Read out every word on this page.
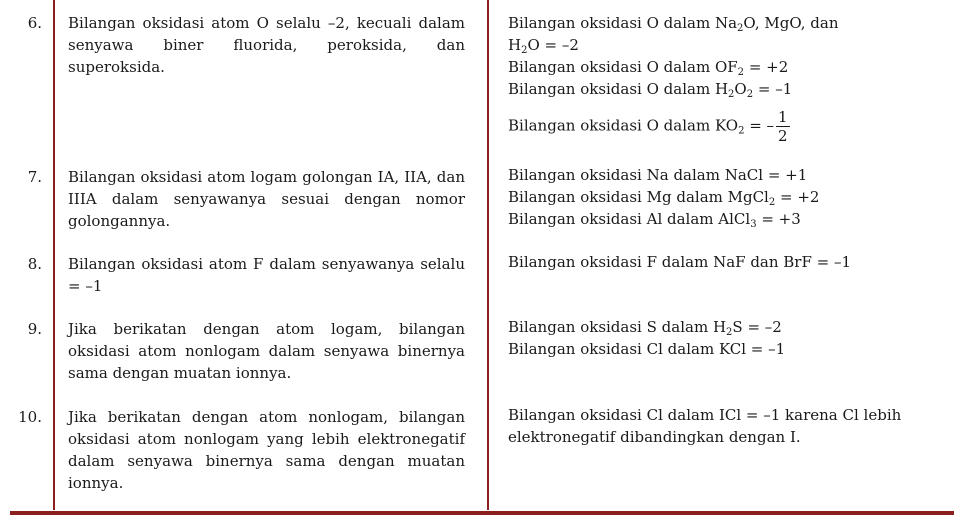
6. Bilangan oksidasi atom O selalu –2, kecuali dalam senyawa biner fluorida, peroksida, dan superoksida.
Bilangan oksidasi O dalam $Na_2O$, MgO, dan
$H_2O = -2$
Bilangan oksidasi O dalam $OF_2 = +2$
Bilangan oksidasi O dalam $H_2O_2 = -1$
Bilangan oksidasi O dalam $KO_2$ = – $\frac{1}{2}$
7. Bilangan oksidasi atom logam golongan IA, IIA, dan IIIA dalam senyawanya sesuai dengan nomor golongannya.
Bilangan oksidasi Na dalam NaCl = +1
Bilangan oksidasi Mg dalam MgCl$_2$ = +2
Bilangan oksidasi Al dalam AlCl$_3$ = +3
8. Bilangan oksidasi atom F dalam senyawanya selalu = –1
Bilangan oksidasi F dalam NaF dan BrF = –1
9. Jika berikatan dengan atom logam, bilangan oksidasi atom nonlogam dalam senyawa binernya sama dengan muatan ionnya.
Bilangan oksidasi S dalam $H_2S = -2$
Bilangan oksidasi Cl dalam KCl = –1
10. Jika berikatan dengan atom nonlogam, bilangan oksidasi atom nonlogam yang lebih elektronegatif dalam senyawa binernya sama dengan muatan ionnya.
Bilangan oksidasi Cl dalam ICl = –1 karena Cl lebih elektronegatif dibandingkan dengan I.
